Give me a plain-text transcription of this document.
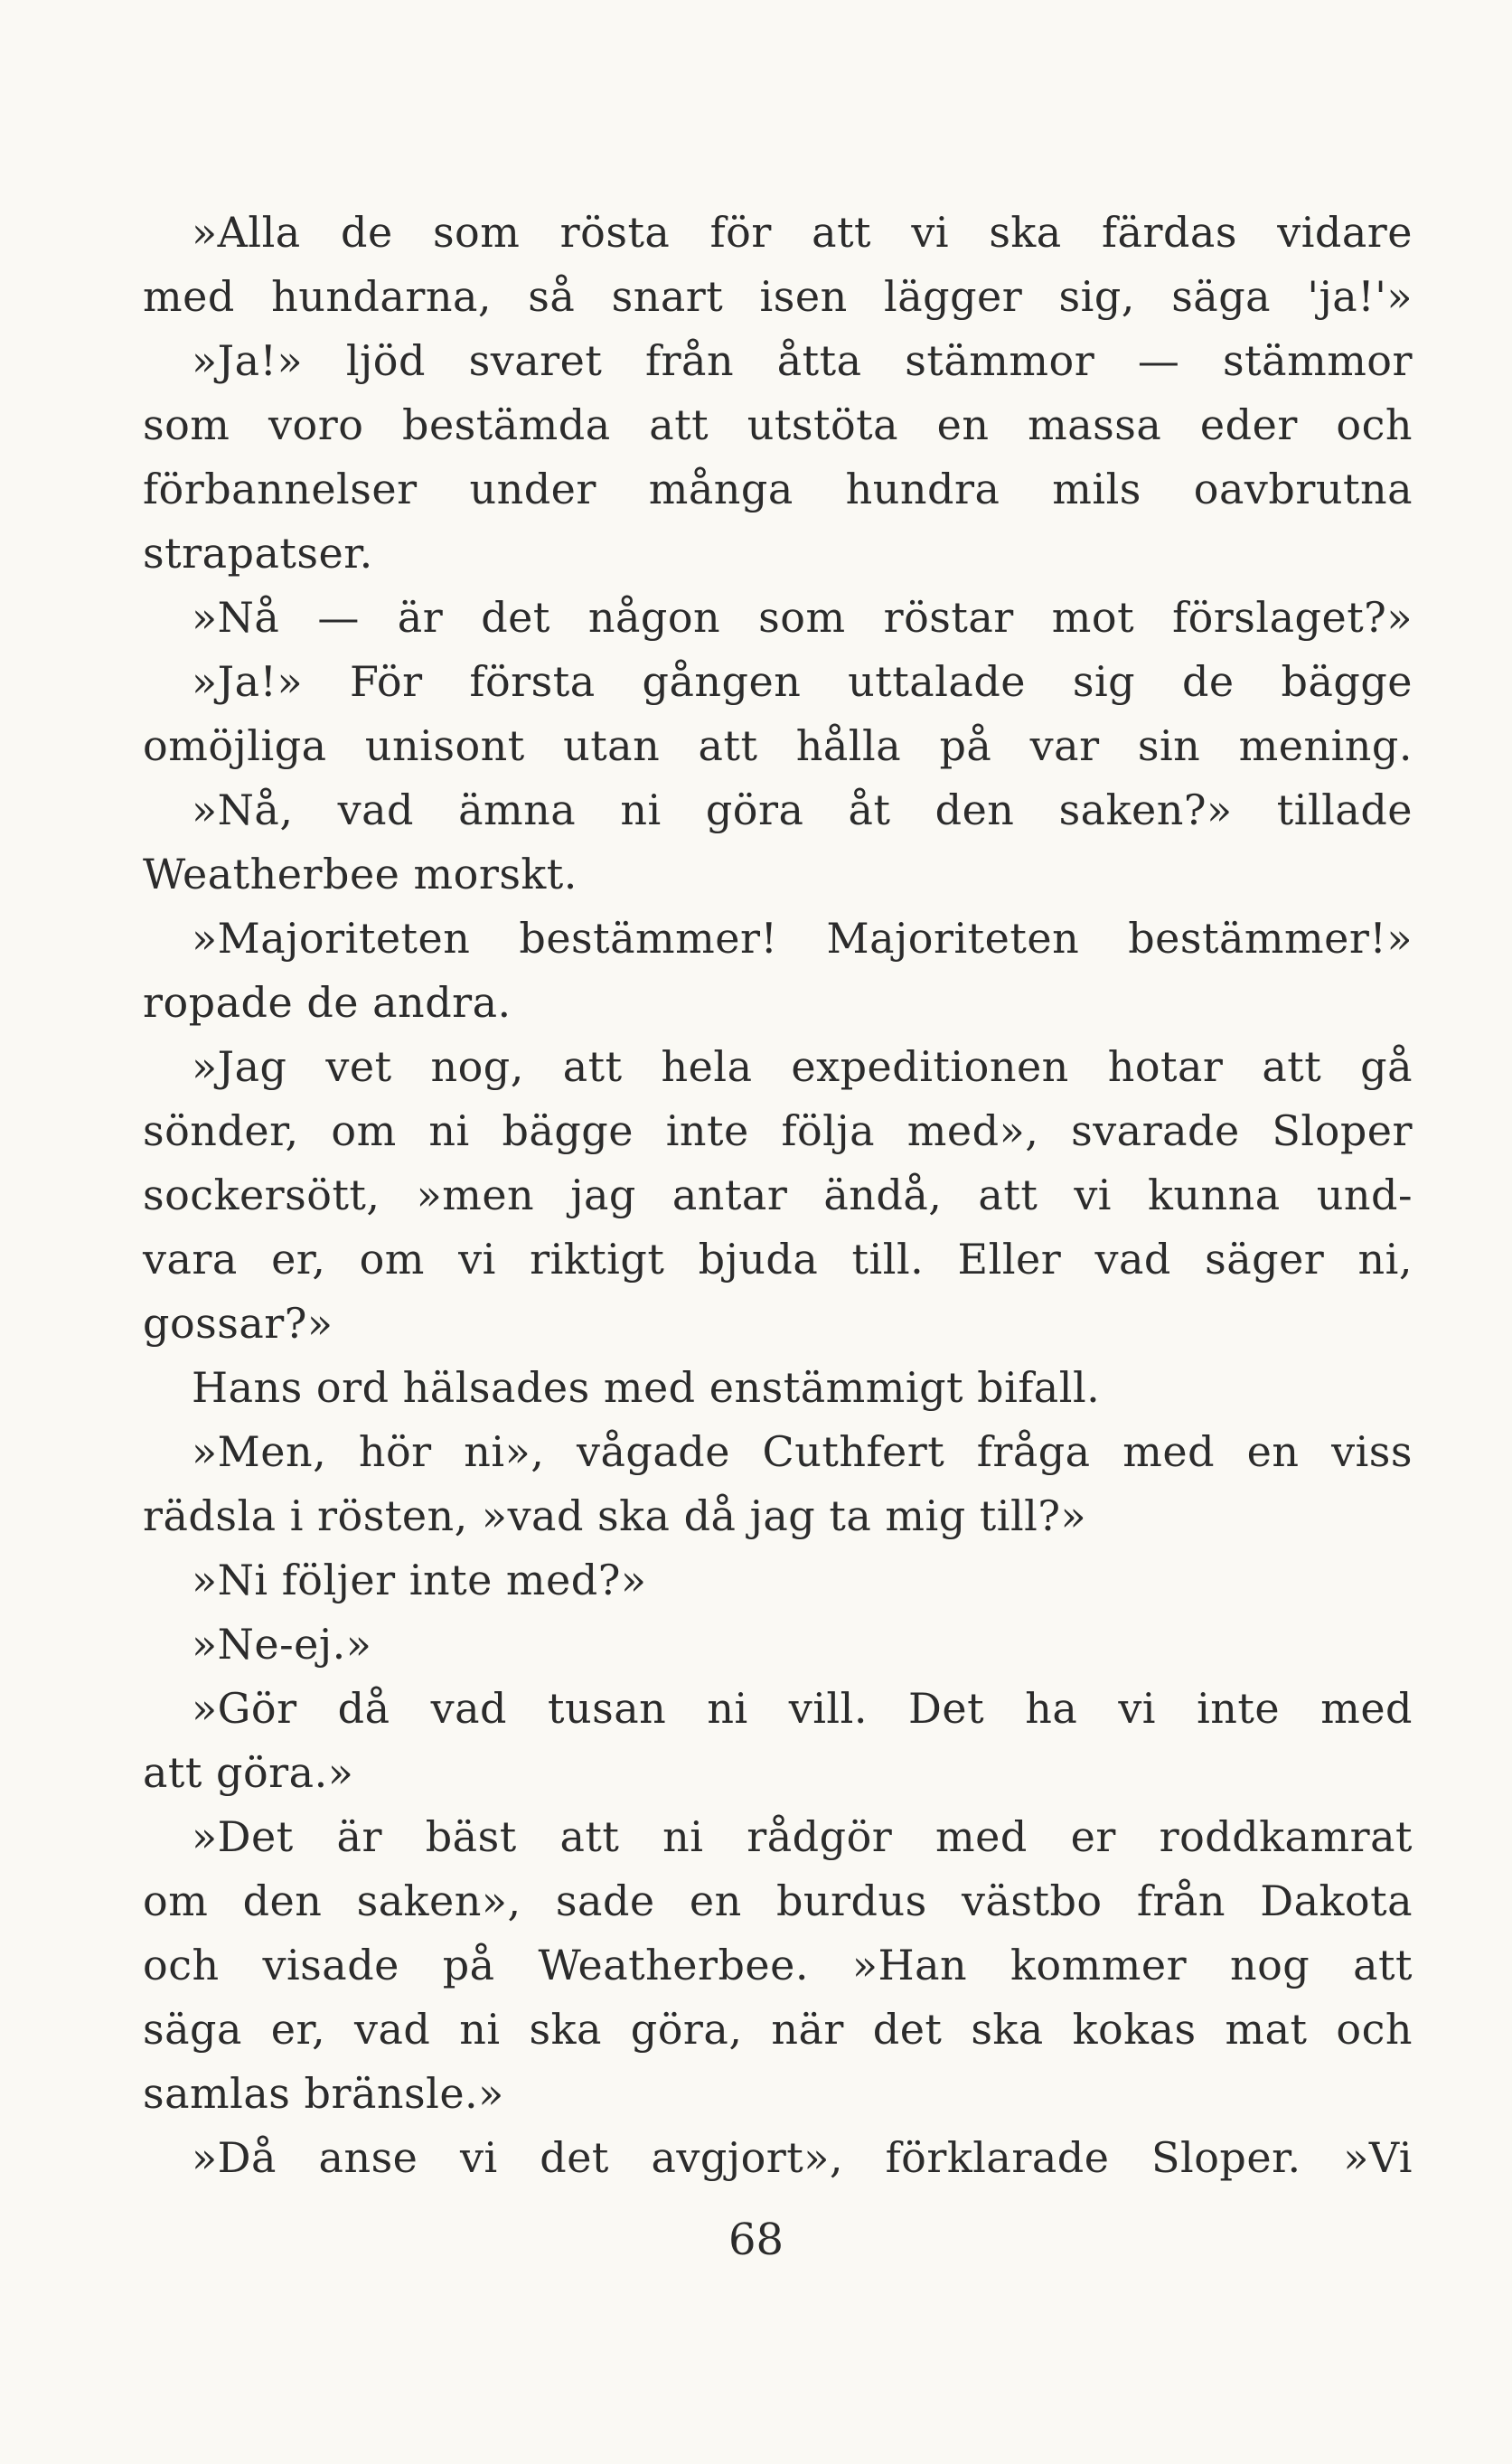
»Alla de som rösta för att vi ska färdas vidare
med hundarna, så snart isen lägger sig, säga 'ja!'»
»Ja!» ljöd svaret från åtta stämmor — stämmor
som voro bestämda att utstöta en massa eder och
förbannelser under många hundra mils oavbrutna
strapatser.
»Nå — är det någon som röstar mot förslaget?»
»Ja!» För första gången uttalade sig de bägge
omöjliga unisont utan att hålla på var sin mening.
»Nå, vad ämna ni göra åt den saken?» tillade
Weatherbee morskt.
»Majoriteten bestämmer! Majoriteten bestämmer!»
ropade de andra.
»Jag vet nog, att hela expeditionen hotar att gå
sönder, om ni bägge inte följa med», svarade Sloper
sockersött, »men jag antar ändå, att vi kunna und-
vara er, om vi riktigt bjuda till. Eller vad säger ni,
gossar?»
Hans ord hälsades med enstämmigt bifall.
»Men, hör ni», vågade Cuthfert fråga med en viss
rädsla i rösten, »vad ska då jag ta mig till?»
»Ni följer inte med?»
»Ne-ej.»
»Gör då vad tusan ni vill. Det ha vi inte med
att göra.»
»Det är bäst att ni rådgör med er roddkamrat
om den saken», sade en burdus västbo från Dakota
och visade på Weatherbee. »Han kommer nog att
säga er, vad ni ska göra, när det ska kokas mat och
samlas bränsle.»
»Då anse vi det avgjort», förklarade Sloper. »Vi
68
